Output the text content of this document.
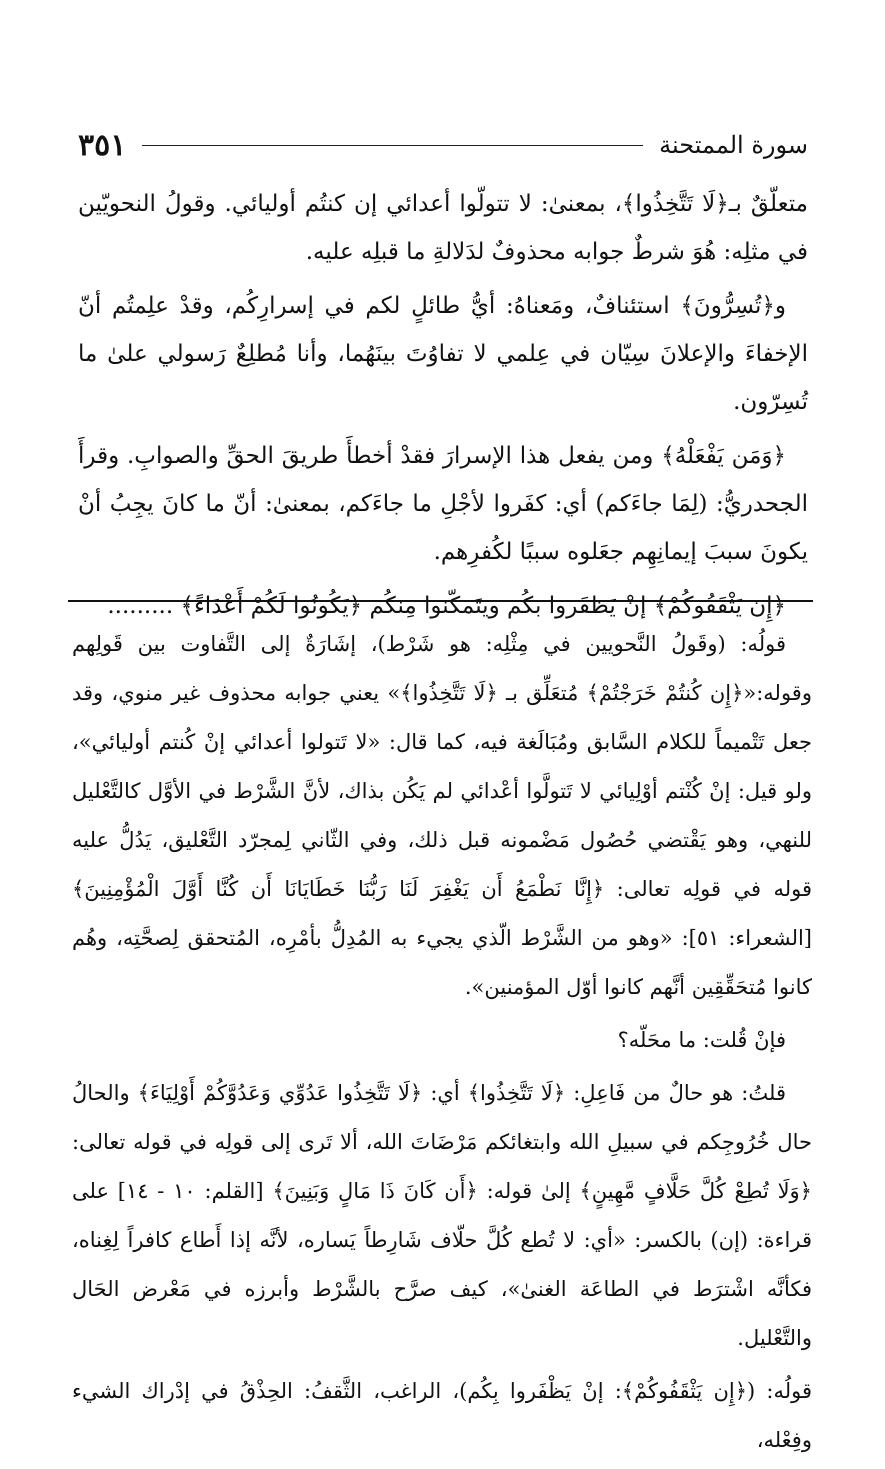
سورة الممتحنة
٣٥١

متعلّقٌ بـ﴿لَا تَتَّخِذُوا﴾، بمعنىٰ: لا تتولّوا أعدائي إن كنتُم أوليائي. وقولُ النحويّين في مثلِه: هُوَ شرطٌ جوابه محذوفٌ لدَلالةِ ما قبلِه عليه.

و﴿تُسِرُّونَ﴾ استئنافٌ، ومَعناهُ: أيُّ طائلٍ لكم في إسرارِكُم، وقدْ علِمتُم أنّ الإخفاءَ والإعلانَ سِيّان في عِلمي لا تفاوُتَ بينَهُما، وأنا مُطلِعٌ رَسولي علىٰ ما تُسِرّون.

﴿وَمَن يَفْعَلْهُ﴾ ومن يفعل هذا الإسرارَ فقدْ أخطأَ طريقَ الحقِّ والصوابِ. وقرأَ الجحدريُّ: (لِمَا جاءَكم) أي: كفَروا لأجْلِ ما جاءَكم، بمعنىٰ: أنّ ما كانَ يجِبُ أنْ يكونَ سببَ إيمانِهِم جعَلوه سببًا لكُفرِهم.

﴿إِن يَثْقَفُوكُمْ﴾ إنْ يَظفَروا بكُم ويتَمكّنوا مِنكُم ﴿يَكُونُوا لَكُمْ أَعْدَاءً﴾ .........

قولُه: (وقَولُ النَّحويين في مِثْلِه: هو شَرْط)، إشَارَةٌ إلى التَّفاوت بين قَولِهم وقوله:«﴿إِن كُنتُمْ خَرَجْتُمْ﴾ مُتعَلِّق بـ ﴿لَا تَتَّخِذُوا﴾» يعني جوابه محذوف غير منوي، وقد جعل تَتْميماً للكلام السَّابق ومُبَالَغة فيه، كما قال: «لا تَتولوا أعدائي إنْ كُنتم أوليائي»، ولو قيل: إنْ كُنْتم أوْلِيائي لا تَتولَّوا أعْدائي لم يَكُن بذاك، لأنَّ الشَّرْط في الأوَّل كالتَّعْليل للنهي، وهو يَقْتضي حُصُول مَضْمونه قبل ذلك، وفي الثّاني لِمجرّد التَّعْليق، يَدُلُّ عليه قوله في قولِه تعالى: ﴿إِنَّا نَطْمَعُ أَن يَغْفِرَ لَنَا رَبُّنَا خَطَايَانَا أَن كُنَّا أَوَّلَ الْمُؤْمِنِينَ﴾ [الشعراء: ٥١]: «وهو من الشَّرْط الّذي يجيء به المُدِلُّ بأمْرِه، المُتحقق لِصحَّتِه، وهُم كانوا مُتحَقِّقِين أنَّهم كانوا أوّل المؤمنين».

فإنْ قُلت: ما محَلّه؟

قلتُ: هو حالٌ من فَاعِلِ: ﴿لَا تَتَّخِذُوا﴾ أي: ﴿لَا تَتَّخِذُوا عَدُوِّي وَعَدُوَّكُمْ أَوْلِيَاءَ﴾ والحالُ حال خُرُوجِكم في سبيلِ الله وابتغائكم مَرْضَاتَ الله، ألا تَرى إلى قولِه في قوله تعالى: ﴿وَلَا تُطِعْ كُلَّ حَلَّافٍ مَّهِينٍ﴾ إلىٰ قوله: ﴿أَن كَانَ ذَا مَالٍ وَبَنِينَ﴾ [القلم: ١٠ - ١٤] على قراءة: (إن) بالكسر: «أي: لا تُطع كُلَّ حلّاف شَارِطاً يَساره، لأنَّه إذا أَطاع كافراً لِغِناه، فكأنَّه اشْترَط في الطاعَة الغنىٰ»، كيف صرَّح بالشَّرْط وأبرزه في مَعْرض الحَال والتَّعْليل.

قولُه: (﴿إِن يَثْقَفُوكُمْ﴾: إنْ يَظْفَروا بِكُم)، الراغب، الثَّقفُ: الحِذْقُ في إدْراك الشيء وفِعْله،
